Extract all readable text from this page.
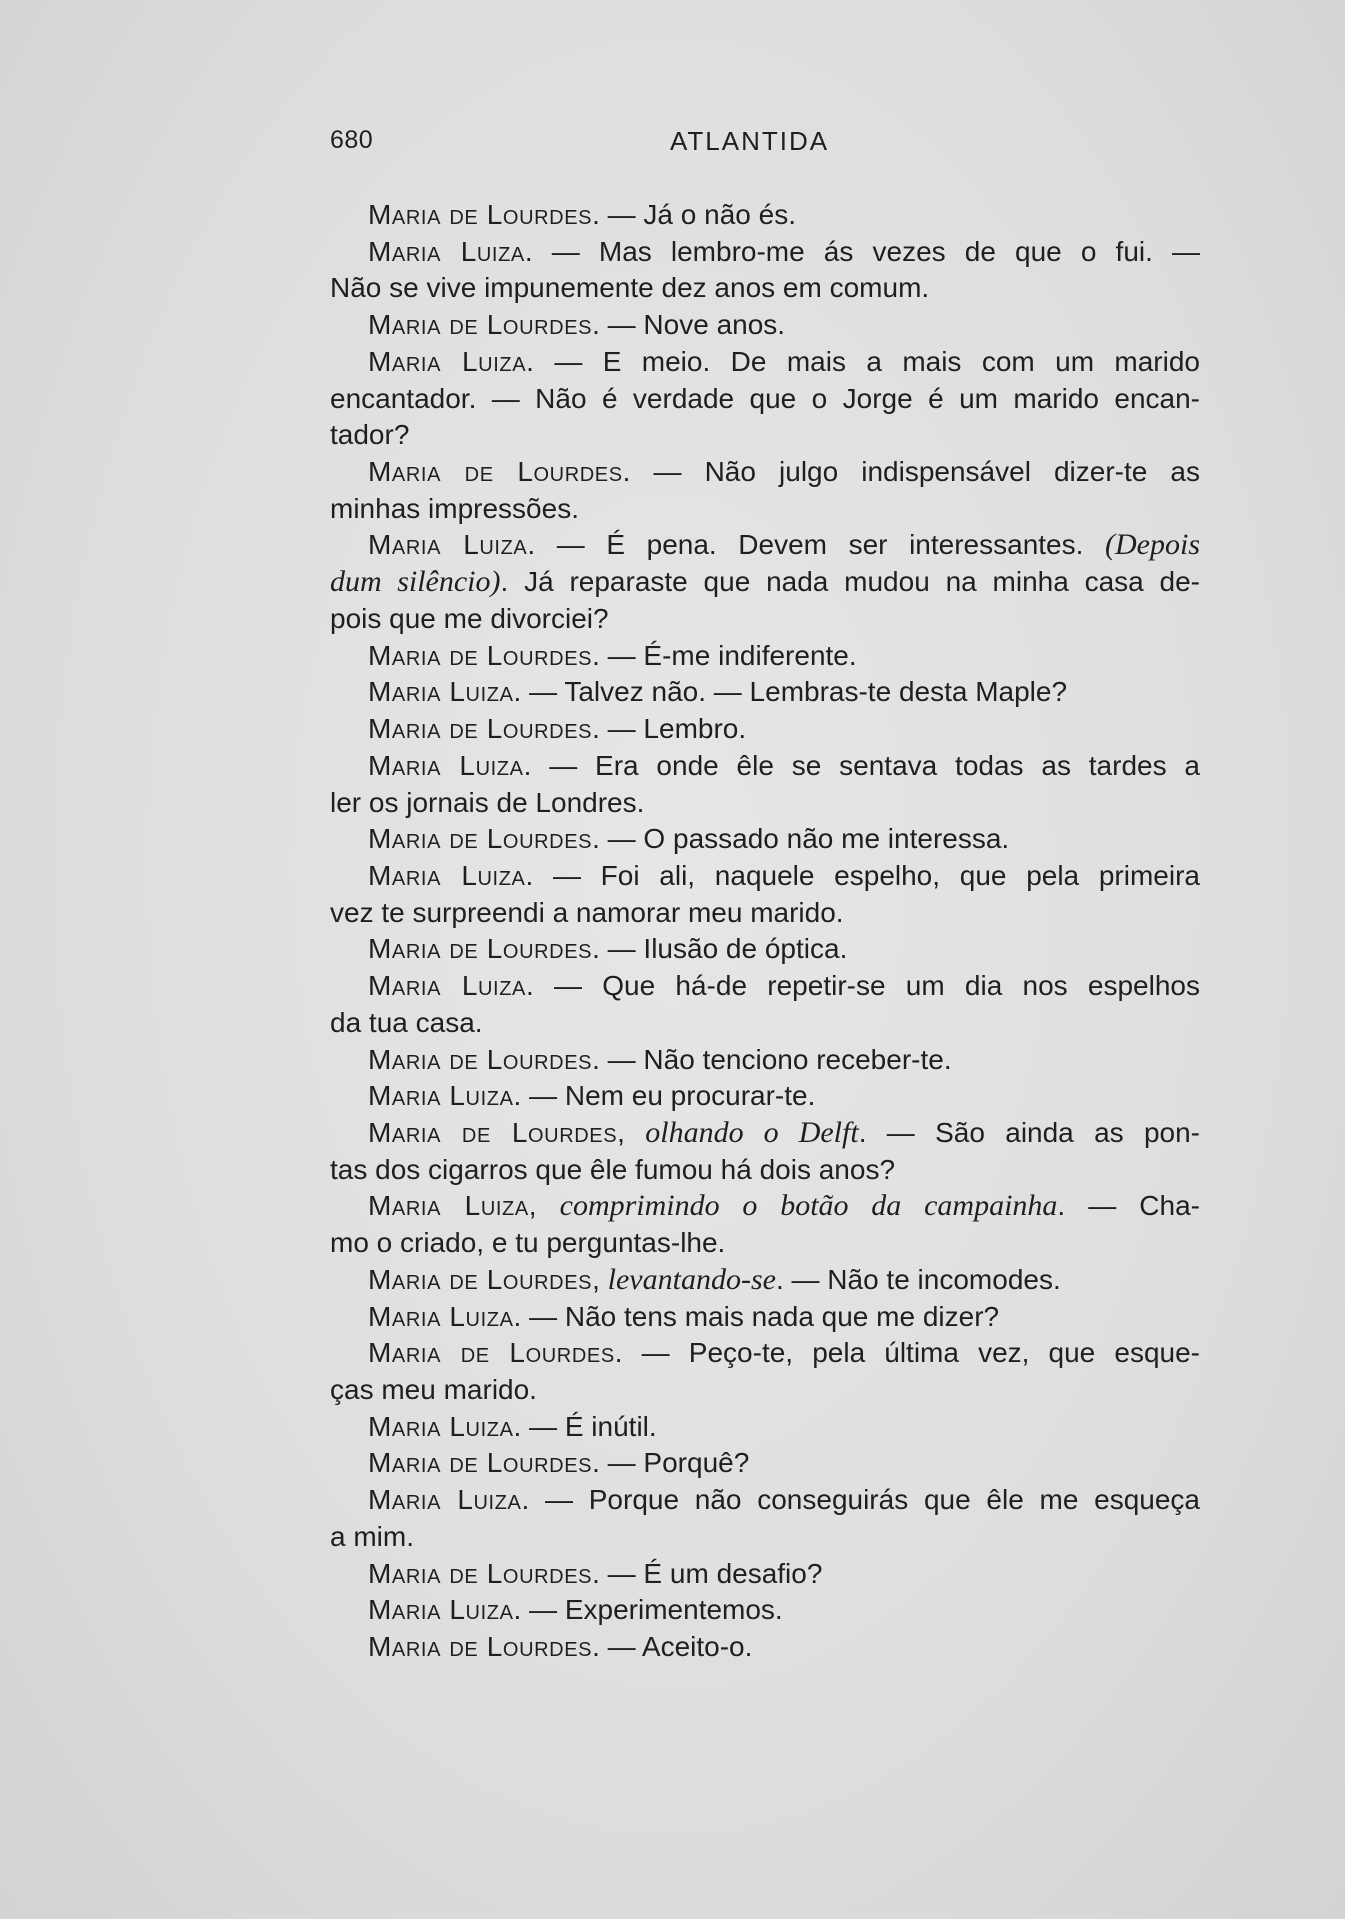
680	ATLANTIDA
Maria de Lourdes. — Já o não és.
Maria Luiza. — Mas lembro-me ás vezes de que o fui. —
Não se vive impunemente dez anos em comum.
Maria de Lourdes. — Nove anos.
Maria Luiza. — E meio. De mais a mais com um marido
encantador. — Não é verdade que o Jorge é um marido encan-
tador?
Maria de Lourdes. — Não julgo indispensável dizer-te as
minhas impressões.
Maria Luiza. — É pena. Devem ser interessantes. (Depois
dum silêncio). Já reparaste que nada mudou na minha casa de-
pois que me divorciei?
Maria de Lourdes. — É-me indiferente.
Maria Luiza. — Talvez não. — Lembras-te desta Maple?
Maria de Lourdes. — Lembro.
Maria Luiza. — Era onde êle se sentava todas as tardes a
ler os jornais de Londres.
Maria de Lourdes. — O passado não me interessa.
Maria Luiza. — Foi ali, naquele espelho, que pela primeira
vez te surpreendi a namorar meu marido.
Maria de Lourdes. — Ilusão de óptica.
Maria Luiza. — Que há-de repetir-se um dia nos espelhos
da tua casa.
Maria de Lourdes. — Não tenciono receber-te.
Maria Luiza. — Nem eu procurar-te.
Maria de Lourdes, olhando o Delft. — São ainda as pon-
tas dos cigarros que êle fumou há dois anos?
Maria Luiza, comprimindo o botão da campainha. — Cha-
mo o criado, e tu perguntas-lhe.
Maria de Lourdes, levantando-se. — Não te incomodes.
Maria Luiza. — Não tens mais nada que me dizer?
Maria de Lourdes. — Peço-te, pela última vez, que esque-
ças meu marido.
Maria Luiza. — É inútil.
Maria de Lourdes. — Porquê?
Maria Luiza. — Porque não conseguirás que êle me esqueça
a mim.
Maria de Lourdes. — É um desafio?
Maria Luiza. — Experimentemos.
Maria de Lourdes. — Aceito-o.
